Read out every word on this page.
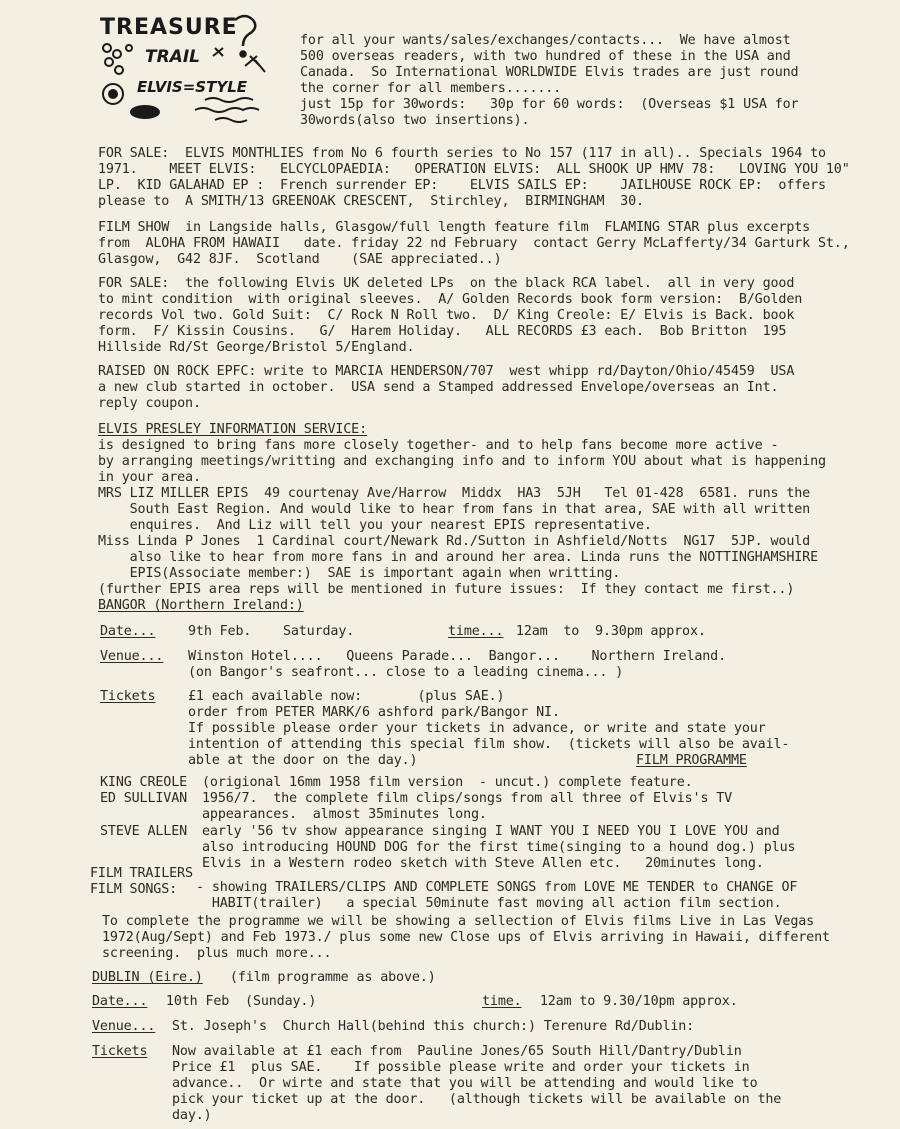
TREASURE
TRAIL
ELVIS=STYLE
for all your wants/sales/exchanges/contacts...  We have almost
500 overseas readers, with two hundred of these in the USA and
Canada.  So International WORLDWIDE Elvis trades are just round
the corner for all members.......
just 15p for 30words:   30p for 60 words:  (Overseas $1 USA for
30words(also two insertions).
FOR SALE:  ELVIS MONTHLIES from No 6 fourth series to No 157 (117 in all).. Specials 1964 to
1971.    MEET ELVIS:   ELCYCLOPAEDIA:   OPERATION ELVIS:  ALL SHOOK UP HMV 78:   LOVING YOU 10"
LP.  KID GALAHAD EP :  French surrender EP:    ELVIS SAILS EP:    JAILHOUSE ROCK EP:  offers
please to  A SMITH/13 GREENOAK CRESCENT,  Stirchley,  BIRMINGHAM  30.
FILM SHOW  in Langside halls, Glasgow/full length feature film  FLAMING STAR plus excerpts
from  ALOHA FROM HAWAII   date. friday 22 nd February  contact Gerry McLafferty/34 Garturk St.,
Glasgow,  G42 8JF.  Scotland    (SAE appreciated..)
FOR SALE:  the following Elvis UK deleted LPs  on the black RCA label.  all in very good
to mint condition  with original sleeves.  A/ Golden Records book form version:  B/Golden
records Vol two. Gold Suit:  C/ Rock N Roll two.  D/ King Creole: E/ Elvis is Back. book
form.  F/ Kissin Cousins.   G/  Harem Holiday.   ALL RECORDS £3 each.  Bob Britton  195
Hillside Rd/St George/Bristol 5/England.
RAISED ON ROCK EPFC: write to MARCIA HENDERSON/707  west whipp rd/Dayton/Ohio/45459  USA
a new club started in october.  USA send a Stamped addressed Envelope/overseas an Int.
reply coupon.
ELVIS PRESLEY INFORMATION SERVICE:
is designed to bring fans more closely together- and to help fans become more active -
by arranging meetings/writting and exchanging info and to inform YOU about what is happening
in your area.
MRS LIZ MILLER EPIS  49 courtenay Ave/Harrow  Middx  HA3  5JH   Tel 01-428  6581. runs the
South East Region. And would like to hear from fans in that area, SAE with all written
enquires.  And Liz will tell you your nearest EPIS representative.
Miss Linda P Jones  1 Cardinal court/Newark Rd./Sutton in Ashfield/Notts  NG17  5JP. would
also like to hear from more fans in and around her area. Linda runs the NOTTINGHAMSHIRE
EPIS(Associate member:)  SAE is important again when writting.
(further EPIS area reps will be mentioned in future issues:  If they contact me first..)
BANGOR (Northern Ireland:)
Date... 9th Feb.    Saturday.	time... 12am  to  9.30pm approx.
Venue... Winston Hotel....   Queens Parade...  Bangor...    Northern Ireland.
(on Bangor's seafront... close to a leading cinema... )
Tickets £1 each available now:       (plus SAE.)
order from PETER MARK/6 ashford park/Bangor NI.
If possible please order your tickets in advance, or write and state your
intention of attending this special film show.  (tickets will also be avail-
able at the door on the day.)	FILM PROGRAMME
KING CREOLE (origional 16mm 1958 film version  - uncut.) complete feature.
ED SULLIVAN 1956/7.  the complete film clips/songs from all three of Elvis's TV
appearances.  almost 35minutes long.
STEVE ALLEN early '56 tv show appearance singing I WANT YOU I NEED YOU I LOVE YOU and
also introducing HOUND DOG for the first time(singing to a hound dog.) plus
Elvis in a Western rodeo sketch with Steve Allen etc.   20minutes long.
FILM TRAILERS
FILM SONGS: - showing TRAILERS/CLIPS AND COMPLETE SONGS from LOVE ME TENDER to CHANGE OF
HABIT(trailer)   a special 50minute fast moving all action film section.
To complete the programme we will be showing a sellection of Elvis films Live in Las Vegas
1972(Aug/Sept) and Feb 1973./ plus some new Close ups of Elvis arriving in Hawaii, different
screening.  plus much more...
DUBLIN (Eire.) (film programme as above.)
Date... 10th Feb  (Sunday.)	time. 12am to 9.30/10pm approx.
Venue... St. Joseph's  Church Hall(behind this church:) Terenure Rd/Dublin:
Tickets Now available at £1 each from  Pauline Jones/65 South Hill/Dantry/Dublin
Price £1  plus SAE.    If possible please write and order your tickets in
advance..  Or wirte and state that you will be attending and would like to
pick your ticket up at the door.   (although tickets will be available on the
day.)
